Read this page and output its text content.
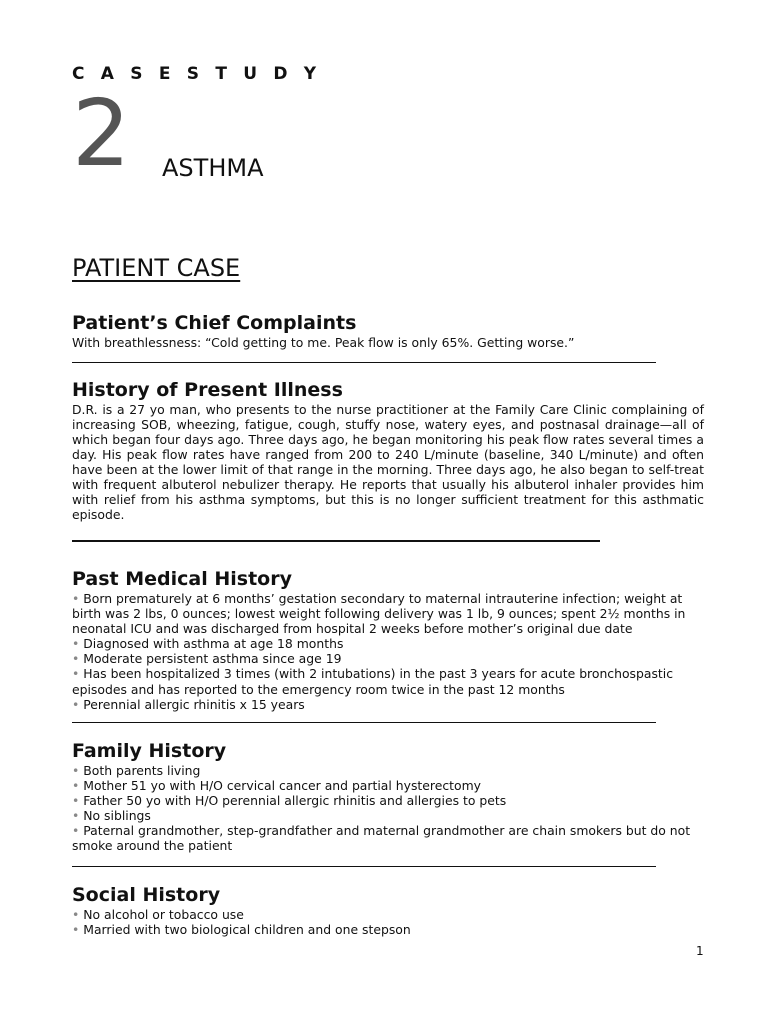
C A S E S T U D Y
2 ASTHMA
PATIENT CASE
Patient’s Chief Complaints

With breathlessness: “Cold getting to me. Peak flow is only 65%. Getting worse.”

History of Present Illness

D.R. is a 27 yo man, who presents to the nurse practitioner at the Family Care Clinic complaining of increasing SOB, wheezing, fatigue, cough, stuffy nose, watery eyes, and postnasal drainage—all of which began four days ago. Three days ago, he began monitoring his peak flow rates several times a day. His peak flow rates have ranged from 200 to 240 L/minute (baseline, 340 L/minute) and often have been at the lower limit of that range in the morning. Three days ago, he also began to self-treat with frequent albuterol nebulizer therapy. He reports that usually his albuterol inhaler provides him with relief from his asthma symptoms, but this is no longer sufficient treatment for this asthmatic episode.

Past Medical History
• Born prematurely at 6 months’ gestation secondary to maternal intrauterine infection; weight at birth was 2 lbs, 0 ounces; lowest weight following delivery was 1 lb, 9 ounces; spent 2½ months in neonatal ICU and was discharged from hospital 2 weeks before mother’s original due date
• Diagnosed with asthma at age 18 months
• Moderate persistent asthma since age 19
• Has been hospitalized 3 times (with 2 intubations) in the past 3 years for acute bronchospastic episodes and has reported to the emergency room twice in the past 12 months
• Perennial allergic rhinitis x 15 years
Family History
• Both parents living
• Mother 51 yo with H/O cervical cancer and partial hysterectomy
• Father 50 yo with H/O perennial allergic rhinitis and allergies to pets
• No siblings
• Paternal grandmother, step-grandfather and maternal grandmother are chain smokers but do not smoke around the patient
Social History
• No alcohol or tobacco use
• Married with two biological children and one stepson
1
